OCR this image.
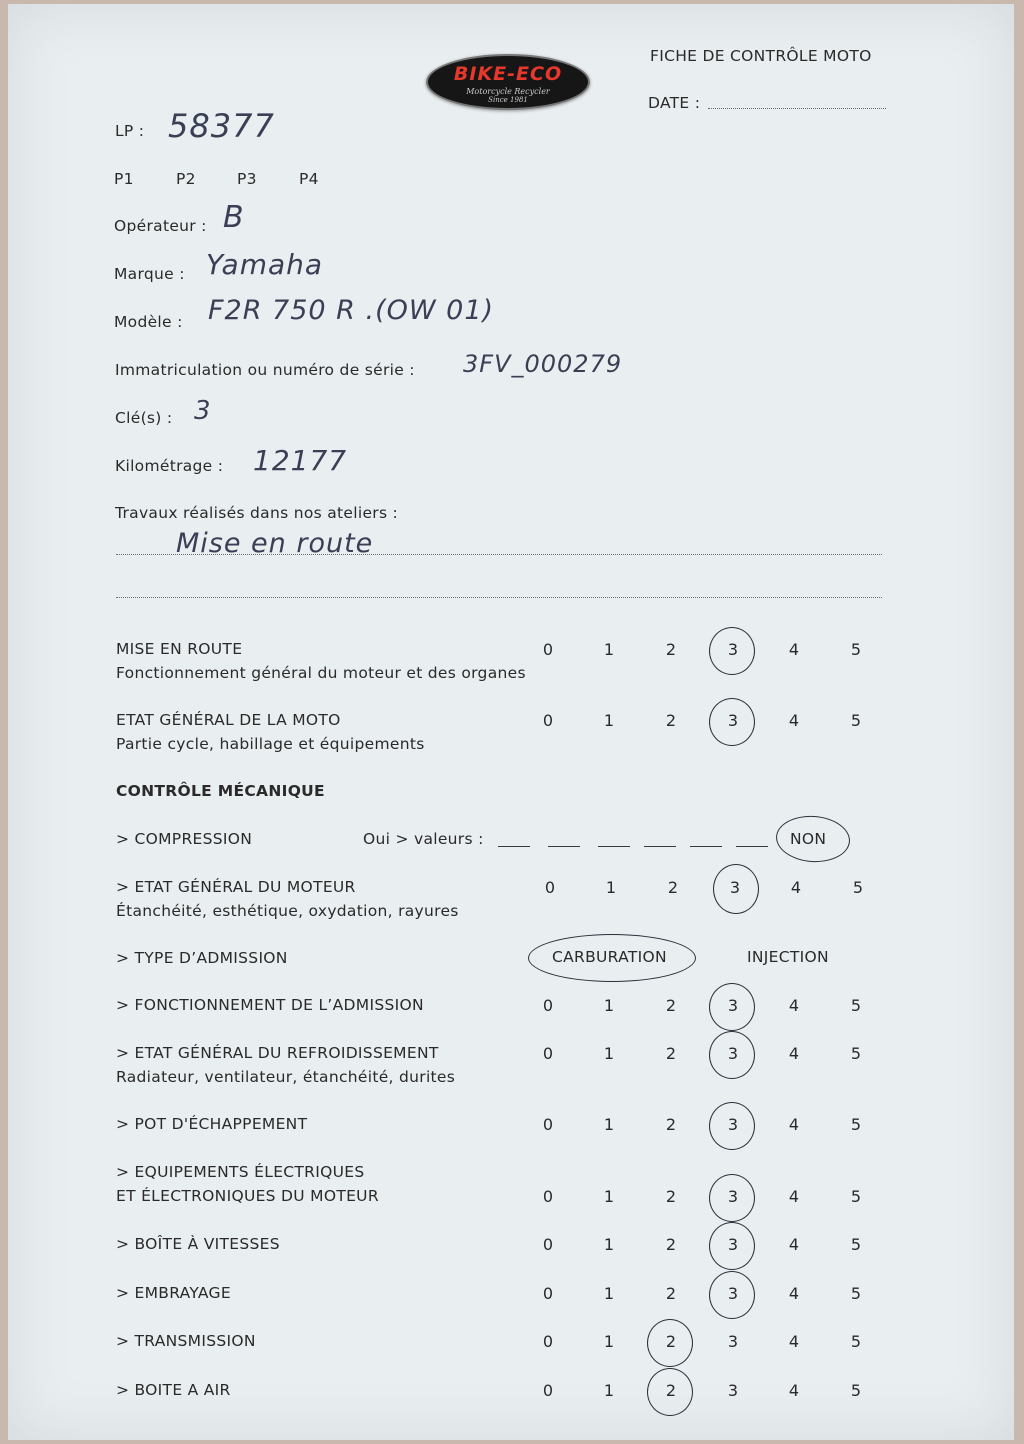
BIKE-ECO
Motorcycle Recycler
Since 1981
FICHE DE CONTRÔLE MOTO
DATE :
LP : 58377
P1	P2	P3	P4
Opérateur : B
Marque : Yamaha
Modèle : F2R 750 R .(OW 01)
Immatriculation ou numéro de série : 3FV_000279
Clé(s) : 3
Kilométrage : 12177
Travaux réalisés dans nos ateliers :
Mise en route
MISE EN ROUTE
Fonctionnement général du moteur et des organes
0	1	2	3	4	5
ETAT GÉNÉRAL DE LA MOTO
Partie cycle, habillage et équipements
0	1	2	3	4	5
CONTRÔLE MÉCANIQUE
> COMPRESSION	Oui > valeurs :	NON
> ETAT GÉNÉRAL DU MOTEUR
Étanchéité, esthétique, oxydation, rayures
0	1	2	3	4	5
> TYPE D’ADMISSION	CARBURATION	INJECTION
> FONCTIONNEMENT DE L’ADMISSION	0	1	2	3	4	5
> ETAT GÉNÉRAL DU REFROIDISSEMENT
Radiateur, ventilateur, étanchéité, durites
0	1	2	3	4	5
> POT D'ÉCHAPPEMENT	0	1	2	3	4	5
> EQUIPEMENTS ÉLECTRIQUES
ET ÉLECTRONIQUES DU MOTEUR	0	1	2	3	4	5
> BOÎTE À VITESSES	0	1	2	3	4	5
> EMBRAYAGE	0	1	2	3	4	5
> TRANSMISSION	0	1	2	3	4	5
> BOITE A AIR	0	1	2	3	4	5
